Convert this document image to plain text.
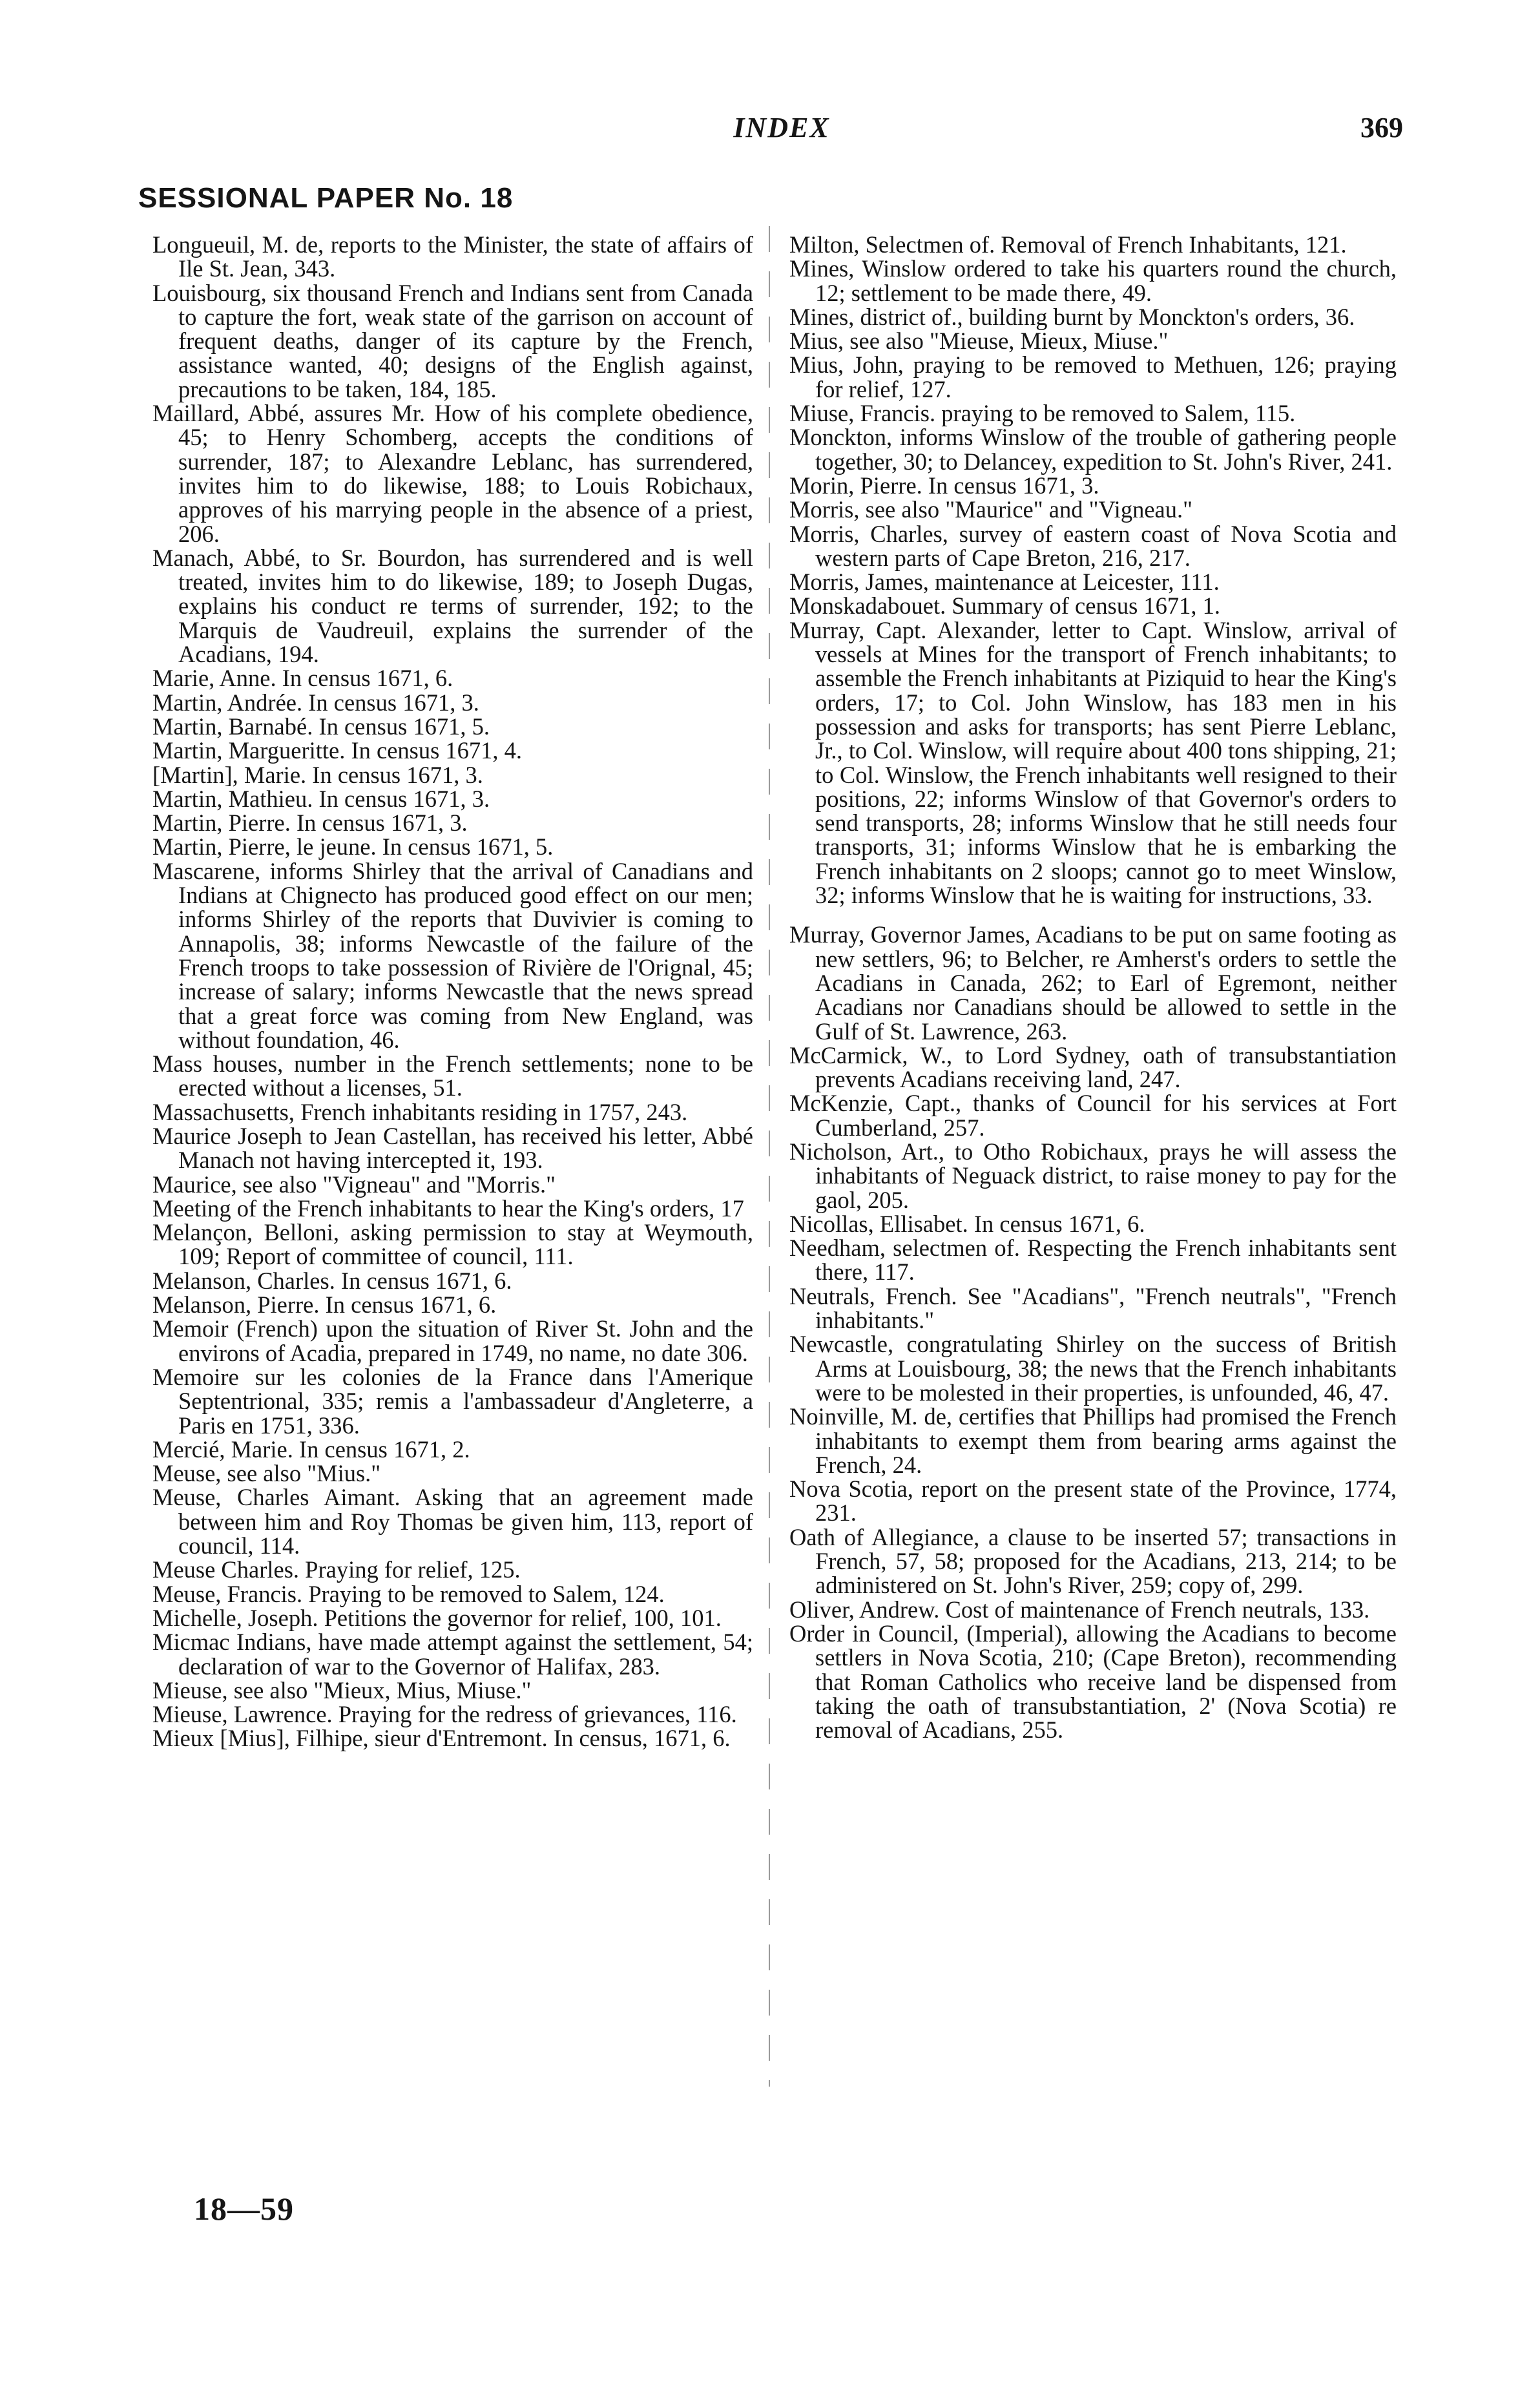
INDEX	369
SESSIONAL PAPER No. 18

Longueuil, M. de, reports to the Minister, the state of affairs of Ile St. Jean, 343.

Louisbourg, six thousand French and Indians sent from Canada to capture the fort, weak state of the garrison on account of frequent deaths, danger of its capture by the French, assistance wanted, 40; designs of the English against, precautions to be taken, 184, 185.

Maillard, Abbé, assures Mr. How of his complete obedience, 45; to Henry Schomberg, accepts the conditions of surrender, 187; to Alexandre Leblanc, has surrendered, invites him to do likewise, 188; to Louis Robichaux, approves of his marrying people in the absence of a priest, 206.

Manach, Abbé, to Sr. Bourdon, has surrendered and is well treated, invites him to do likewise, 189; to Joseph Dugas, explains his conduct re terms of surrender, 192; to the Marquis de Vaudreuil, explains the surrender of the Acadians, 194.

Marie, Anne. In census 1671, 6.

Martin, Andrée. In census 1671, 3.

Martin, Barnabé. In census 1671, 5.

Martin, Margueritte. In census 1671, 4.

[Martin], Marie. In census 1671, 3.

Martin, Mathieu. In census 1671, 3.

Martin, Pierre. In census 1671, 3.

Martin, Pierre, le jeune. In census 1671, 5.

Mascarene, informs Shirley that the arrival of Canadians and Indians at Chignecto has produced good effect on our men; informs Shirley of the reports that Duvivier is coming to Annapolis, 38; informs Newcastle of the failure of the French troops to take possession of Rivière de l'Orignal, 45; increase of salary; informs Newcastle that the news spread that a great force was coming from New England, was without foundation, 46.

Mass houses, number in the French settlements; none to be erected without a licenses, 51.

Massachusetts, French inhabitants residing in 1757, 243.

Maurice Joseph to Jean Castellan, has received his letter, Abbé Manach not having intercepted it, 193.

Maurice, see also "Vigneau" and "Morris."

Meeting of the French inhabitants to hear the King's orders, 17

Melançon, Belloni, asking permission to stay at Weymouth, 109; Report of committee of council, 111.

Melanson, Charles. In census 1671, 6.

Melanson, Pierre. In census 1671, 6.

Memoir (French) upon the situation of River St. John and the environs of Acadia, prepared in 1749, no name, no date 306.

Memoire sur les colonies de la France dans l'Amerique Septentrional, 335; remis a l'ambassadeur d'Angleterre, a Paris en 1751, 336.

Mercié, Marie. In census 1671, 2.

Meuse, see also "Mius."

Meuse, Charles Aimant. Asking that an agreement made between him and Roy Thomas be given him, 113, report of council, 114.

Meuse Charles. Praying for relief, 125.

Meuse, Francis. Praying to be removed to Salem, 124.

Michelle, Joseph. Petitions the governor for relief, 100, 101.

Micmac Indians, have made attempt against the settlement, 54; declaration of war to the Governor of Halifax, 283.

Mieuse, see also "Mieux, Mius, Miuse."

Mieuse, Lawrence. Praying for the redress of grievances, 116.

Mieux [Mius], Filhipe, sieur d'Entremont. In census, 1671, 6.

Milton, Selectmen of. Removal of French Inhabitants, 121.

Mines, Winslow ordered to take his quarters round the church, 12; settlement to be made there, 49.

Mines, district of., building burnt by Monckton's orders, 36.

Mius, see also "Mieuse, Mieux, Miuse."

Mius, John, praying to be removed to Methuen, 126; praying for relief, 127.

Miuse, Francis. praying to be removed to Salem, 115.

Monckton, informs Winslow of the trouble of gathering people together, 30; to Delancey, expedition to St. John's River, 241.

Morin, Pierre. In census 1671, 3.

Morris, see also "Maurice" and "Vigneau."

Morris, Charles, survey of eastern coast of Nova Scotia and western parts of Cape Breton, 216, 217.

Morris, James, maintenance at Leicester, 111.

Monskadabouet. Summary of census 1671, 1.

Murray, Capt. Alexander, letter to Capt. Winslow, arrival of vessels at Mines for the transport of French inhabitants; to assemble the French inhabitants at Piziquid to hear the King's orders, 17; to Col. John Winslow, has 183 men in his possession and asks for transports; has sent Pierre Leblanc, Jr., to Col. Winslow, will require about 400 tons shipping, 21; to Col. Winslow, the French inhabitants well resigned to their positions, 22; informs Winslow of that Governor's orders to send transports, 28; informs Winslow that he still needs four transports, 31; informs Winslow that he is embarking the French inhabitants on 2 sloops; cannot go to meet Winslow, 32; informs Winslow that he is waiting for instructions, 33.

Murray, Governor James, Acadians to be put on same footing as new settlers, 96; to Belcher, re Amherst's orders to settle the Acadians in Canada, 262; to Earl of Egremont, neither Acadians nor Canadians should be allowed to settle in the Gulf of St. Lawrence, 263.

McCarmick, W., to Lord Sydney, oath of transubstantiation prevents Acadians receiving land, 247.

McKenzie, Capt., thanks of Council for his services at Fort Cumberland, 257.

Nicholson, Art., to Otho Robichaux, prays he will assess the inhabitants of Neguack district, to raise money to pay for the gaol, 205.

Nicollas, Ellisabet. In census 1671, 6.

Needham, selectmen of. Respecting the French inhabitants sent there, 117.

Neutrals, French. See "Acadians", "French neutrals", "French inhabitants."

Newcastle, congratulating Shirley on the success of British Arms at Louisbourg, 38; the news that the French inhabitants were to be molested in their properties, is unfounded, 46, 47.

Noinville, M. de, certifies that Phillips had promised the French inhabitants to exempt them from bearing arms against the French, 24.

Nova Scotia, report on the present state of the Province, 1774, 231.

Oath of Allegiance, a clause to be inserted 57; transactions in French, 57, 58; proposed for the Acadians, 213, 214; to be administered on St. John's River, 259; copy of, 299.

Oliver, Andrew. Cost of maintenance of French neutrals, 133.

Order in Council, (Imperial), allowing the Acadians to become settlers in Nova Scotia, 210; (Cape Breton), recommending that Roman Catholics who receive land be dispensed from taking the oath of transubstantiation, 2' (Nova Scotia) re removal of Acadians, 255.

18—59
